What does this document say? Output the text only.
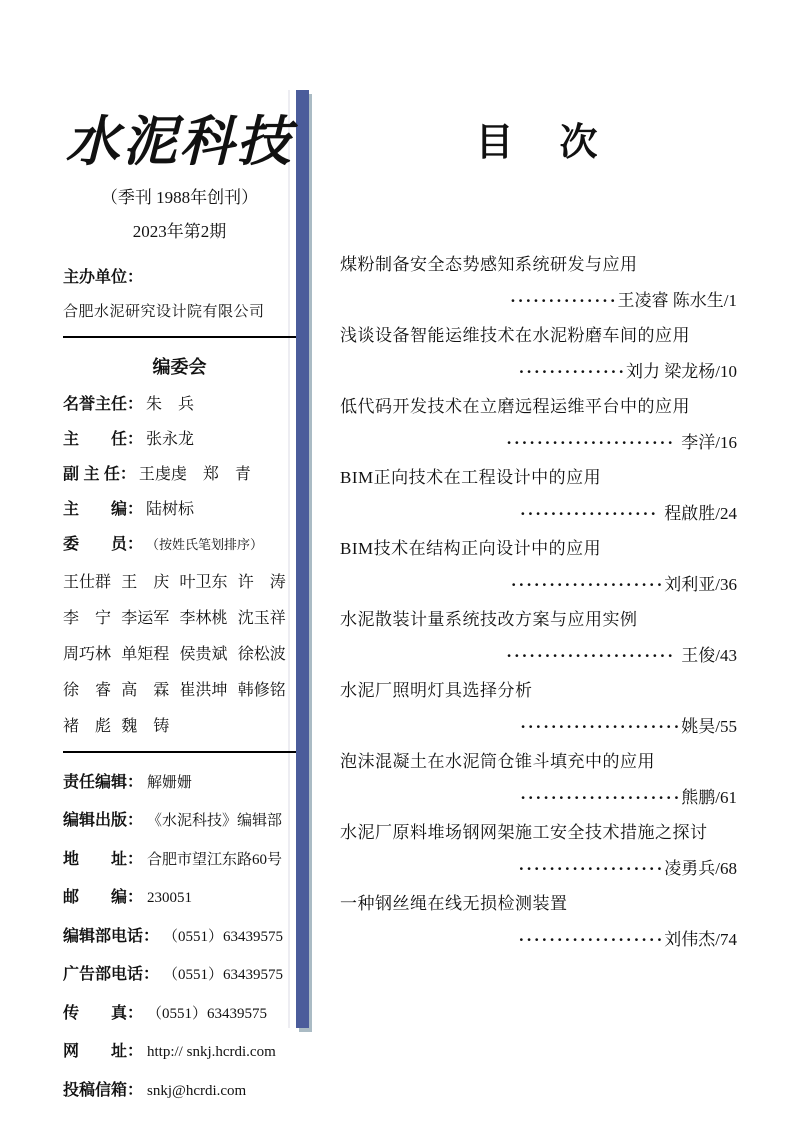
水泥科技
（季刊 1988年创刊）
2023年第2期
主办单位：
合肥水泥研究设计院有限公司
编委会
名誉主任： 朱　兵
主　　任： 张永龙
副 主 任： 王虔虔　郑　青
主　　编： 陆树标
委　　员： （按姓氏笔划排序）
王仕群 王　庆 叶卫东 许　涛
李　宁 李运军 李林桃 沈玉祥
周巧林 单矩程 侯贵斌 徐松波
徐　睿 高　霖 崔洪坤 韩修铭
褚　彪 魏　铸
责任编辑： 解姗姗
编辑出版： 《水泥科技》编辑部
地　　址： 合肥市望江东路60号
邮　　编： 230051
编辑部电话： （0551）63439575
广告部电话： （0551）63439575
传　　真： （0551）63439575
网　　址： http:// snkj.hcrdi.com
投稿信箱： snkj@hcrdi.com
目　次
煤粉制备安全态势感知系统研发与应用
··············王凌睿 陈水生/1
浅谈设备智能运维技术在水泥粉磨车间的应用
··············刘力 梁龙杨/10
低代码开发技术在立磨远程运维平台中的应用
······················ 李洋/16
BIM正向技术在工程设计中的应用
·················· 程啟胜/24
BIM技术在结构正向设计中的应用
····················刘利亚/36
水泥散装计量系统技改方案与应用实例
······················ 王俊/43
水泥厂照明灯具选择分析
·····················姚昊/55
泡沫混凝土在水泥筒仓锥斗填充中的应用
·····················熊鹏/61
水泥厂原料堆场钢网架施工安全技术措施之探讨
···················凌勇兵/68
一种钢丝绳在线无损检测装置
···················刘伟杰/74
